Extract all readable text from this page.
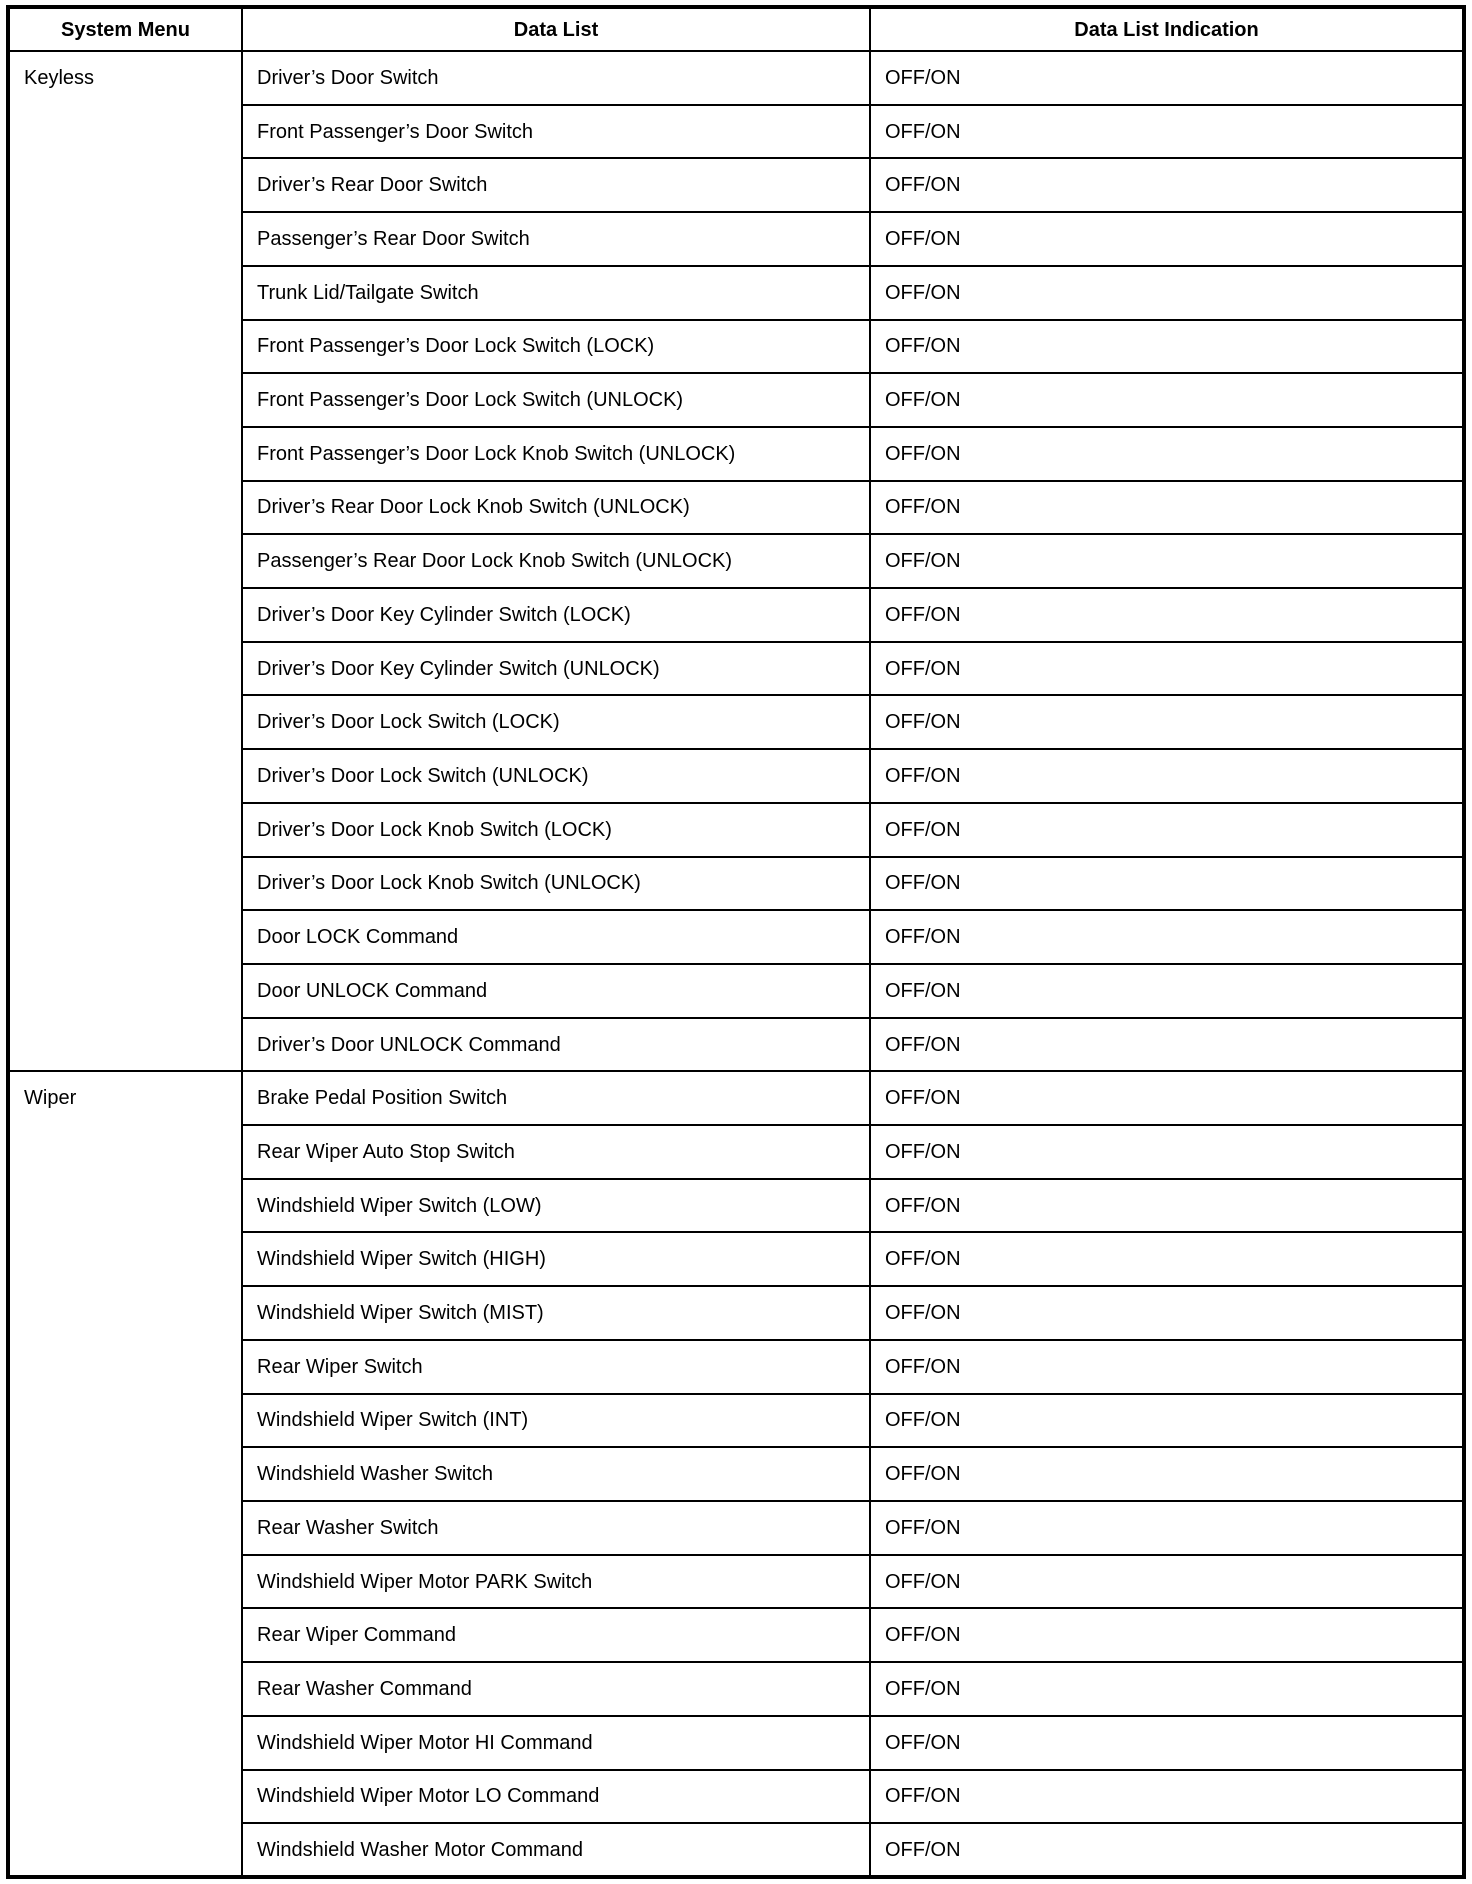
System Menu	Data List	Data List Indication
Keyless	Driver’s Door Switch	OFF/ON
	Front Passenger’s Door Switch	OFF/ON
	Driver’s Rear Door Switch	OFF/ON
	Passenger’s Rear Door Switch	OFF/ON
	Trunk Lid/Tailgate Switch	OFF/ON
	Front Passenger’s Door Lock Switch (LOCK)	OFF/ON
	Front Passenger’s Door Lock Switch (UNLOCK)	OFF/ON
	Front Passenger’s Door Lock Knob Switch (UNLOCK)	OFF/ON
	Driver’s Rear Door Lock Knob Switch (UNLOCK)	OFF/ON
	Passenger’s Rear Door Lock Knob Switch (UNLOCK)	OFF/ON
	Driver’s Door Key Cylinder Switch (LOCK)	OFF/ON
	Driver’s Door Key Cylinder Switch (UNLOCK)	OFF/ON
	Driver’s Door Lock Switch (LOCK)	OFF/ON
	Driver’s Door Lock Switch (UNLOCK)	OFF/ON
	Driver’s Door Lock Knob Switch (LOCK)	OFF/ON
	Driver’s Door Lock Knob Switch (UNLOCK)	OFF/ON
	Door LOCK Command	OFF/ON
	Door UNLOCK Command	OFF/ON
	Driver’s Door UNLOCK Command	OFF/ON
Wiper	Brake Pedal Position Switch	OFF/ON
	Rear Wiper Auto Stop Switch	OFF/ON
	Windshield Wiper Switch (LOW)	OFF/ON
	Windshield Wiper Switch (HIGH)	OFF/ON
	Windshield Wiper Switch (MIST)	OFF/ON
	Rear Wiper Switch	OFF/ON
	Windshield Wiper Switch (INT)	OFF/ON
	Windshield Washer Switch	OFF/ON
	Rear Washer Switch	OFF/ON
	Windshield Wiper Motor PARK Switch	OFF/ON
	Rear Wiper Command	OFF/ON
	Rear Washer Command	OFF/ON
	Windshield Wiper Motor HI Command	OFF/ON
	Windshield Wiper Motor LO Command	OFF/ON
	Windshield Washer Motor Command	OFF/ON
